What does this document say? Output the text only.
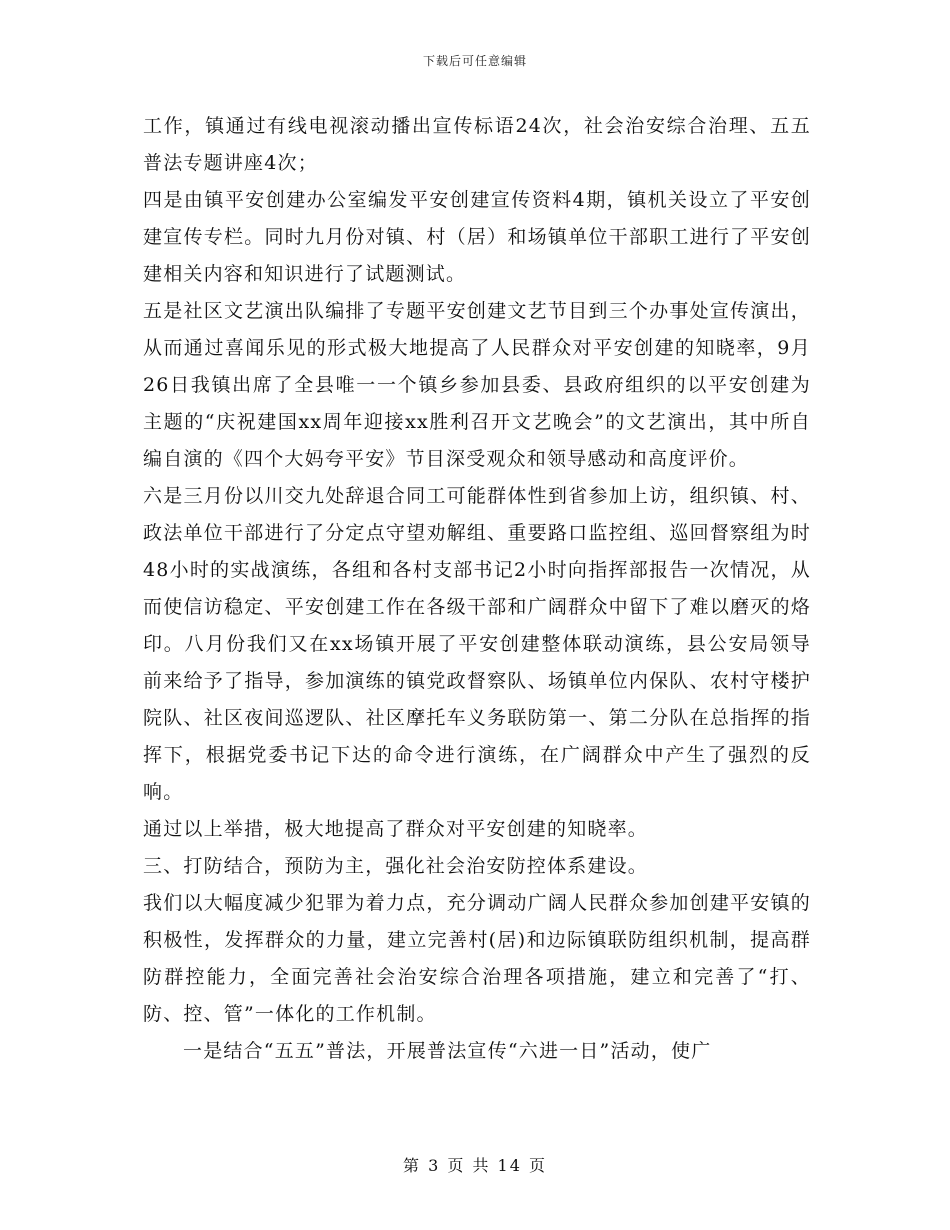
下载后可任意编辑

工作，镇通过有线电视滚动播出宣传标语24次，社会治安综合治理、五五普法专题讲座4次；

四是由镇平安创建办公室编发平安创建宣传资料4期，镇机关设立了平安创建宣传专栏。同时九月份对镇、村（居）和场镇单位干部职工进行了平安创建相关内容和知识进行了试题测试。

五是社区文艺演出队编排了专题平安创建文艺节目到三个办事处宣传演出，从而通过喜闻乐见的形式极大地提高了人民群众对平安创建的知晓率，9月26日我镇出席了全县唯一一个镇乡参加县委、县政府组织的以平安创建为主题的“庆祝建国xx周年迎接xx胜利召开文艺晚会”的文艺演出，其中所自编自演的《四个大妈夸平安》节目深受观众和领导感动和高度评价。

六是三月份以川交九处辞退合同工可能群体性到省参加上访，组织镇、村、政法单位干部进行了分定点守望劝解组、重要路口监控组、巡回督察组为时48小时的实战演练，各组和各村支部书记2小时向指挥部报告一次情况，从而使信访稳定、平安创建工作在各级干部和广阔群众中留下了难以磨灭的烙印。八月份我们又在xx场镇开展了平安创建整体联动演练，县公安局领导前来给予了指导，参加演练的镇党政督察队、场镇单位内保队、农村守楼护院队、社区夜间巡逻队、社区摩托车义务联防第一、第二分队在总指挥的指挥下，根据党委书记下达的命令进行演练，在广阔群众中产生了强烈的反响。

通过以上举措，极大地提高了群众对平安创建的知晓率。

三、打防结合，预防为主，强化社会治安防控体系建设。

我们以大幅度减少犯罪为着力点，充分调动广阔人民群众参加创建平安镇的积极性，发挥群众的力量，建立完善村(居)和边际镇联防组织机制，提高群防群控能力，全面完善社会治安综合治理各项措施，建立和完善了“打、防、控、管”一体化的工作机制。

一是结合“五五”普法，开展普法宣传“六进一日”活动，使广

第 3 页 共 14 页
